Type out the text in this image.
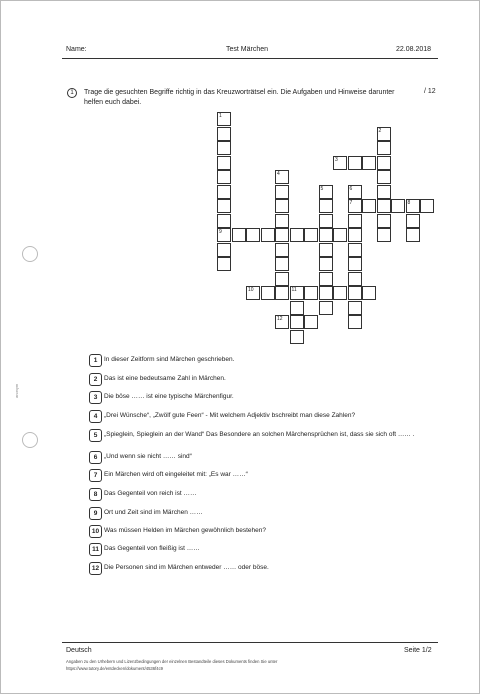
Name:	Test Märchen	22.08.2018
anonym
1	Trage die gesuchten Begriffe richtig in das Kreuzworträtsel ein. Die Aufgaben und Hinweise darunter helfen euch dabei.
/ 12
1
2
3
4
5	6
7	8
9
10	11
12
1	In dieser Zeitform sind Märchen geschrieben.
2	Das ist eine bedeutsame Zahl in Märchen.
3	Die böse …… ist eine typische Märchenfigur.
4	„Drei Wünsche“, „Zwölf gute Feen“ - Mit welchem Adjektiv bschreibt man diese Zahlen?
5	„Spieglein, Spieglein an der Wand“ Das Besondere an solchen Märchensprüchen ist, dass sie sich oft …… .
6	„Und wenn sie nicht …… sind“
7	Ein Märchen wird oft eingeleitet mit: „Es war ……“
8	Das Gegenteil von reich ist ……
9	Ort und Zeit sind im Märchen ……
10 Was müssen Helden im Märchen gewöhnlich bestehen?
11 Das Gegenteil von fleißig ist ……
12 Die Personen sind im Märchen entweder …… oder böse.
Deutsch	Seite 1/2
Angaben zu den Urhebern und Lizenzbedingungen der einzelnen Bestandteile dieses Dokuments finden Sie unter
https://www.tutory.de/entdecken/dokument/4536f4c9
